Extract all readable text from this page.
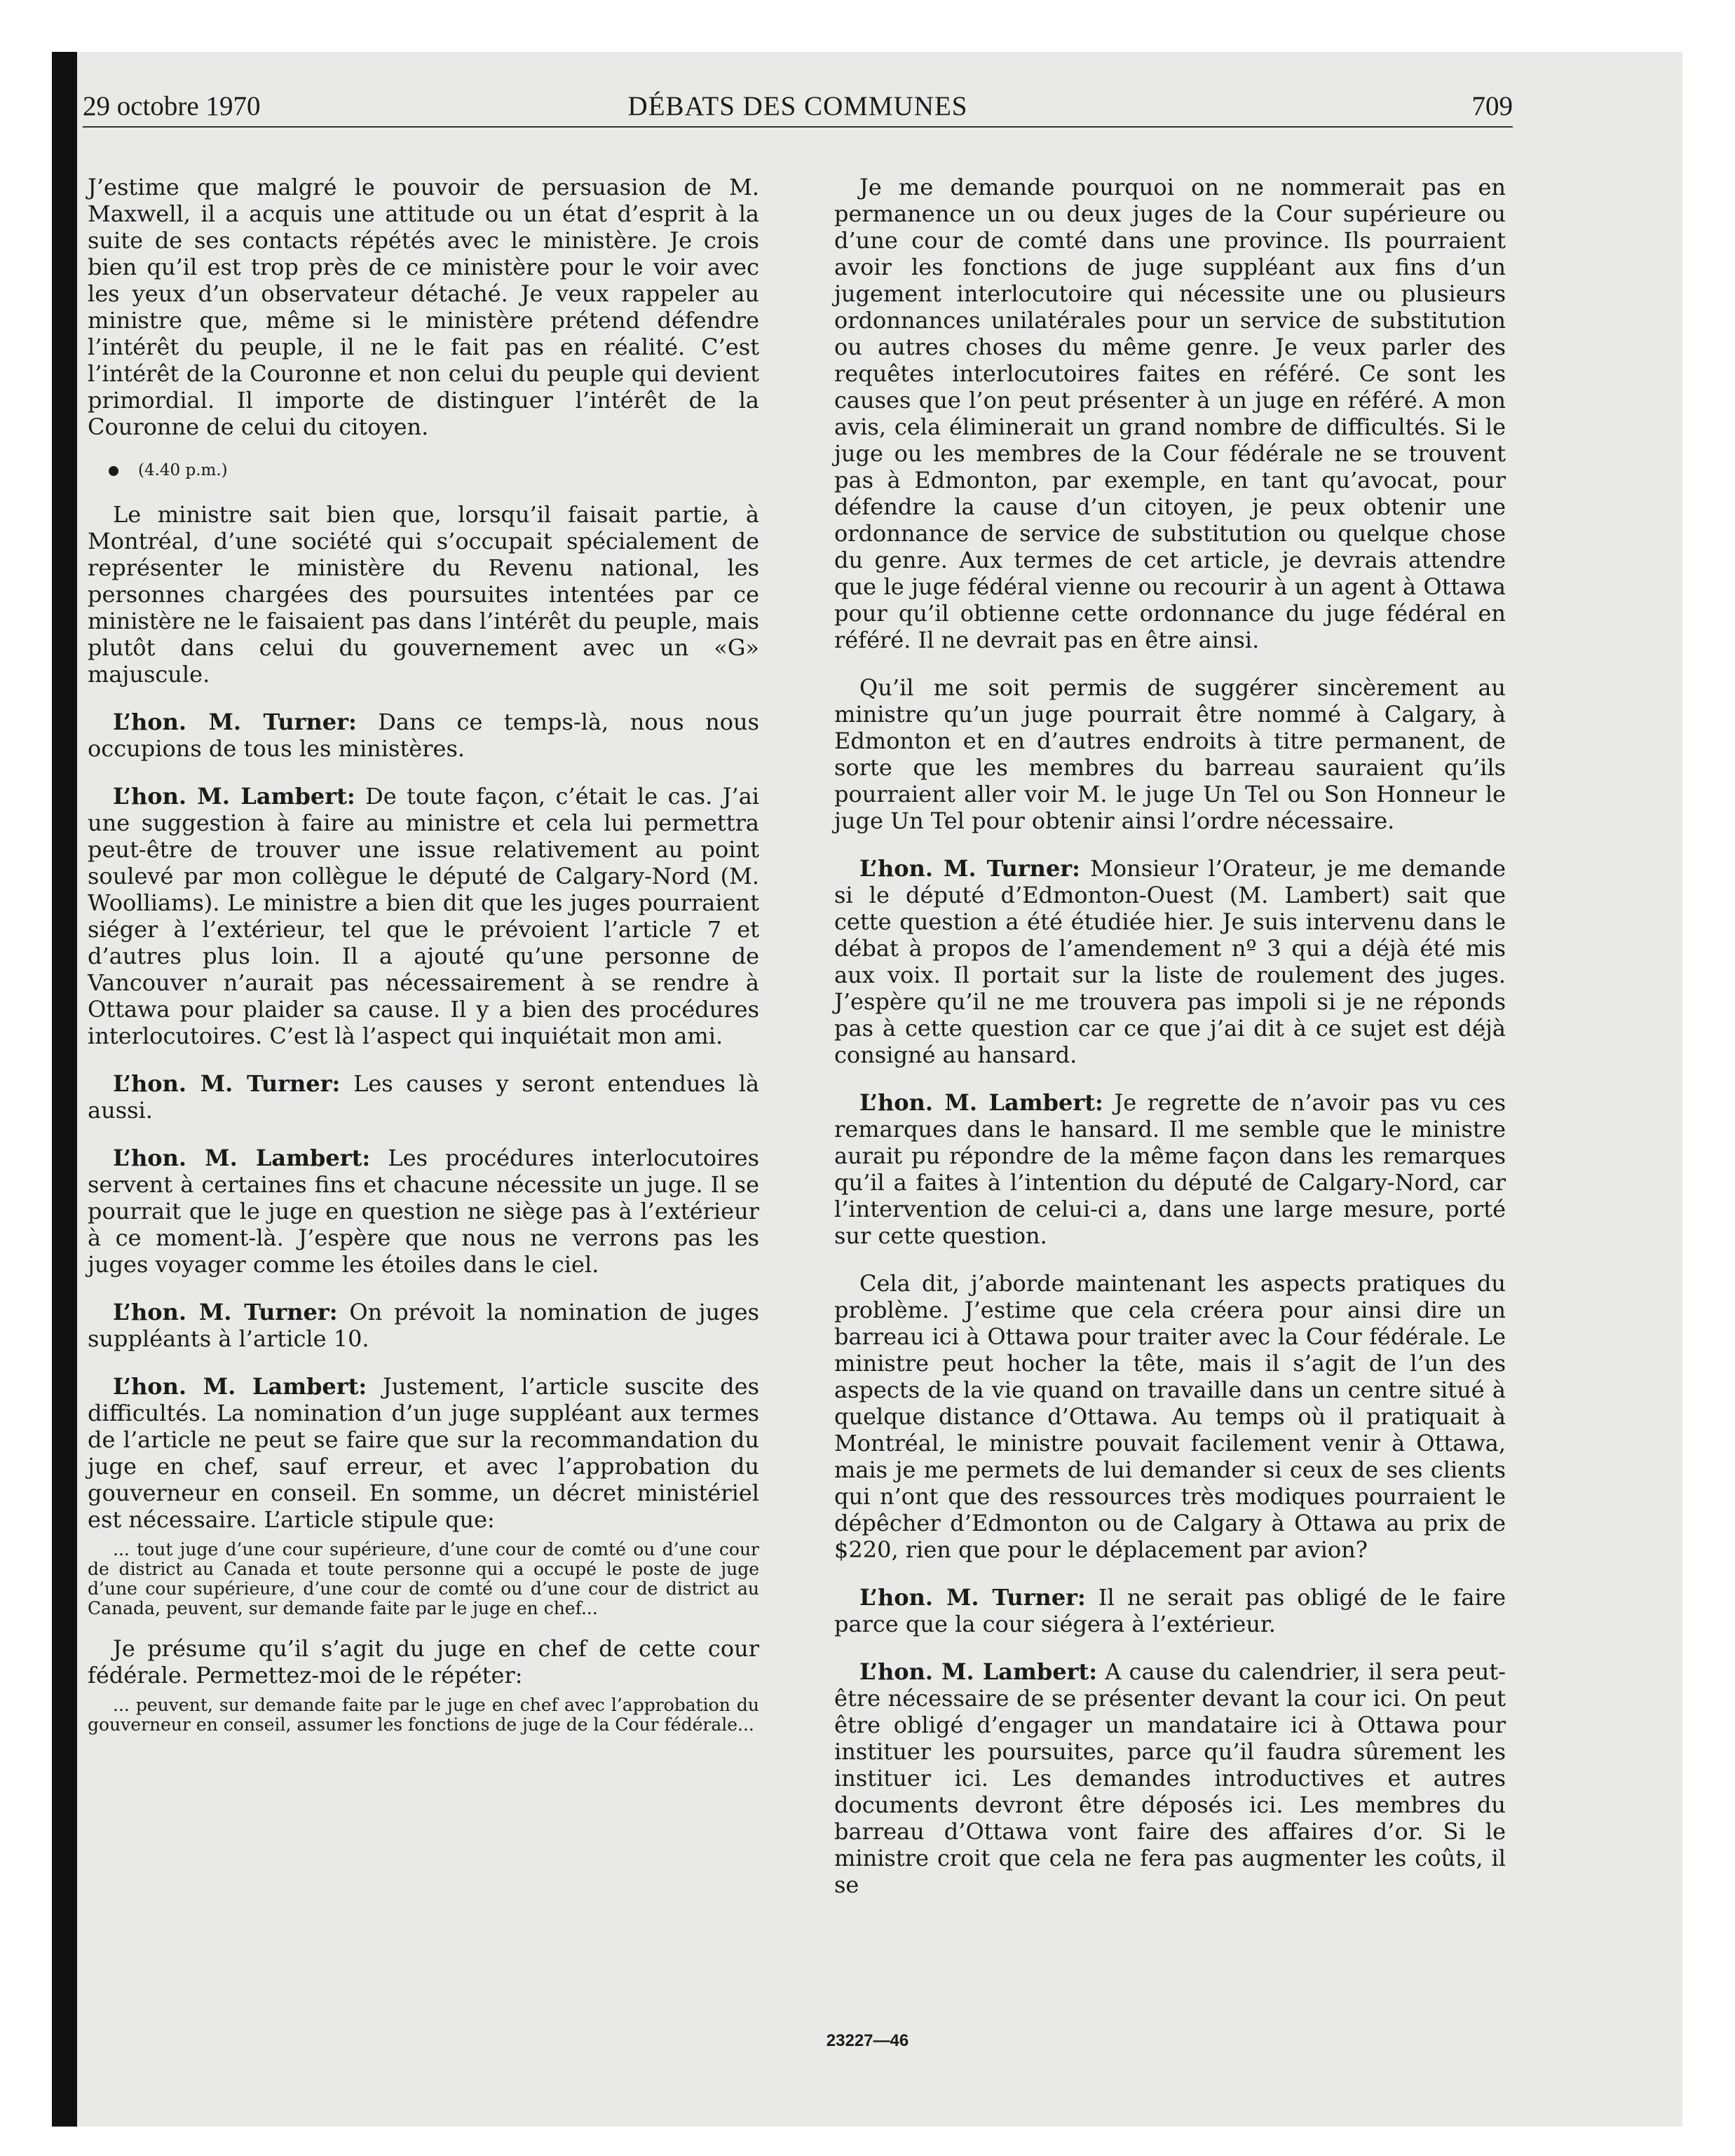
29 octobre 1970	DÉBATS DES COMMUNES	709

J’estime que malgré le pouvoir de persuasion de M. Maxwell, il a acquis une attitude ou un état d’esprit à la suite de ses contacts répétés avec le ministère. Je crois bien qu’il est trop près de ce ministère pour le voir avec les yeux d’un observateur détaché. Je veux rappeler au ministre que, même si le ministère prétend défendre l’intérêt du peuple, il ne le fait pas en réalité. C’est l’intérêt de la Couronne et non celui du peuple qui devient primordial. Il importe de distinguer l’intérêt de la Couronne de celui du citoyen.

(4.40 p.m.)

Le ministre sait bien que, lorsqu’il faisait partie, à Montréal, d’une société qui s’occupait spécialement de représenter le ministère du Revenu national, les personnes chargées des poursuites intentées par ce ministère ne le faisaient pas dans l’intérêt du peuple, mais plutôt dans celui du gouvernement avec un «G» majuscule.

L’hon. M. Turner: Dans ce temps-là, nous nous occupions de tous les ministères.

L’hon. M. Lambert: De toute façon, c’était le cas. J’ai une suggestion à faire au ministre et cela lui permettra peut-être de trouver une issue relativement au point soulevé par mon collègue le député de Calgary-Nord (M. Woolliams). Le ministre a bien dit que les juges pourraient siéger à l’extérieur, tel que le prévoient l’article 7 et d’autres plus loin. Il a ajouté qu’une personne de Vancouver n’aurait pas nécessairement à se rendre à Ottawa pour plaider sa cause. Il y a bien des procédures interlocutoires. C’est là l’aspect qui inquiétait mon ami.

L’hon. M. Turner: Les causes y seront entendues là aussi.

L’hon. M. Lambert: Les procédures interlocutoires servent à certaines fins et chacune nécessite un juge. Il se pourrait que le juge en question ne siège pas à l’extérieur à ce moment-là. J’espère que nous ne verrons pas les juges voyager comme les étoiles dans le ciel.

L’hon. M. Turner: On prévoit la nomination de juges suppléants à l’article 10.

L’hon. M. Lambert: Justement, l’article suscite des difficultés. La nomination d’un juge suppléant aux termes de l’article ne peut se faire que sur la recommandation du juge en chef, sauf erreur, et avec l’approbation du gouverneur en conseil. En somme, un décret ministériel est nécessaire. L’article stipule que:

... tout juge d’une cour supérieure, d’une cour de comté ou d’une cour de district au Canada et toute personne qui a occupé le poste de juge d’une cour supérieure, d’une cour de comté ou d’une cour de district au Canada, peuvent, sur demande faite par le juge en chef...

Je présume qu’il s’agit du juge en chef de cette cour fédérale. Permettez-moi de le répéter:

... peuvent, sur demande faite par le juge en chef avec l’approbation du gouverneur en conseil, assumer les fonctions de juge de la Cour fédérale...

Je me demande pourquoi on ne nommerait pas en permanence un ou deux juges de la Cour supérieure ou d’une cour de comté dans une province. Ils pourraient avoir les fonctions de juge suppléant aux fins d’un jugement interlocutoire qui nécessite une ou plusieurs ordonnances unilatérales pour un service de substitution ou autres choses du même genre. Je veux parler des requêtes interlocutoires faites en référé. Ce sont les causes que l’on peut présenter à un juge en référé. A mon avis, cela éliminerait un grand nombre de difficultés. Si le juge ou les membres de la Cour fédérale ne se trouvent pas à Edmonton, par exemple, en tant qu’avocat, pour défendre la cause d’un citoyen, je peux obtenir une ordonnance de service de substitution ou quelque chose du genre. Aux termes de cet article, je devrais attendre que le juge fédéral vienne ou recourir à un agent à Ottawa pour qu’il obtienne cette ordonnance du juge fédéral en référé. Il ne devrait pas en être ainsi.

Qu’il me soit permis de suggérer sincèrement au ministre qu’un juge pourrait être nommé à Calgary, à Edmonton et en d’autres endroits à titre permanent, de sorte que les membres du barreau sauraient qu’ils pourraient aller voir M. le juge Un Tel ou Son Honneur le juge Un Tel pour obtenir ainsi l’ordre nécessaire.

L’hon. M. Turner: Monsieur l’Orateur, je me demande si le député d’Edmonton-Ouest (M. Lambert) sait que cette question a été étudiée hier. Je suis intervenu dans le débat à propos de l’amendement nº 3 qui a déjà été mis aux voix. Il portait sur la liste de roulement des juges. J’espère qu’il ne me trouvera pas impoli si je ne réponds pas à cette question car ce que j’ai dit à ce sujet est déjà consigné au hansard.

L’hon. M. Lambert: Je regrette de n’avoir pas vu ces remarques dans le hansard. Il me semble que le ministre aurait pu répondre de la même façon dans les remarques qu’il a faites à l’intention du député de Calgary-Nord, car l’intervention de celui-ci a, dans une large mesure, porté sur cette question.

Cela dit, j’aborde maintenant les aspects pratiques du problème. J’estime que cela créera pour ainsi dire un barreau ici à Ottawa pour traiter avec la Cour fédérale. Le ministre peut hocher la tête, mais il s’agit de l’un des aspects de la vie quand on travaille dans un centre situé à quelque distance d’Ottawa. Au temps où il pratiquait à Montréal, le ministre pouvait facilement venir à Ottawa, mais je me permets de lui demander si ceux de ses clients qui n’ont que des ressources très modiques pourraient le dépêcher d’Edmonton ou de Calgary à Ottawa au prix de $220, rien que pour le déplacement par avion?

L’hon. M. Turner: Il ne serait pas obligé de le faire parce que la cour siégera à l’extérieur.

L’hon. M. Lambert: A cause du calendrier, il sera peut-être nécessaire de se présenter devant la cour ici. On peut être obligé d’engager un mandataire ici à Ottawa pour instituer les poursuites, parce qu’il faudra sûrement les instituer ici. Les demandes introductives et autres documents devront être déposés ici. Les membres du barreau d’Ottawa vont faire des affaires d’or. Si le ministre croit que cela ne fera pas augmenter les coûts, il se

23227—46
